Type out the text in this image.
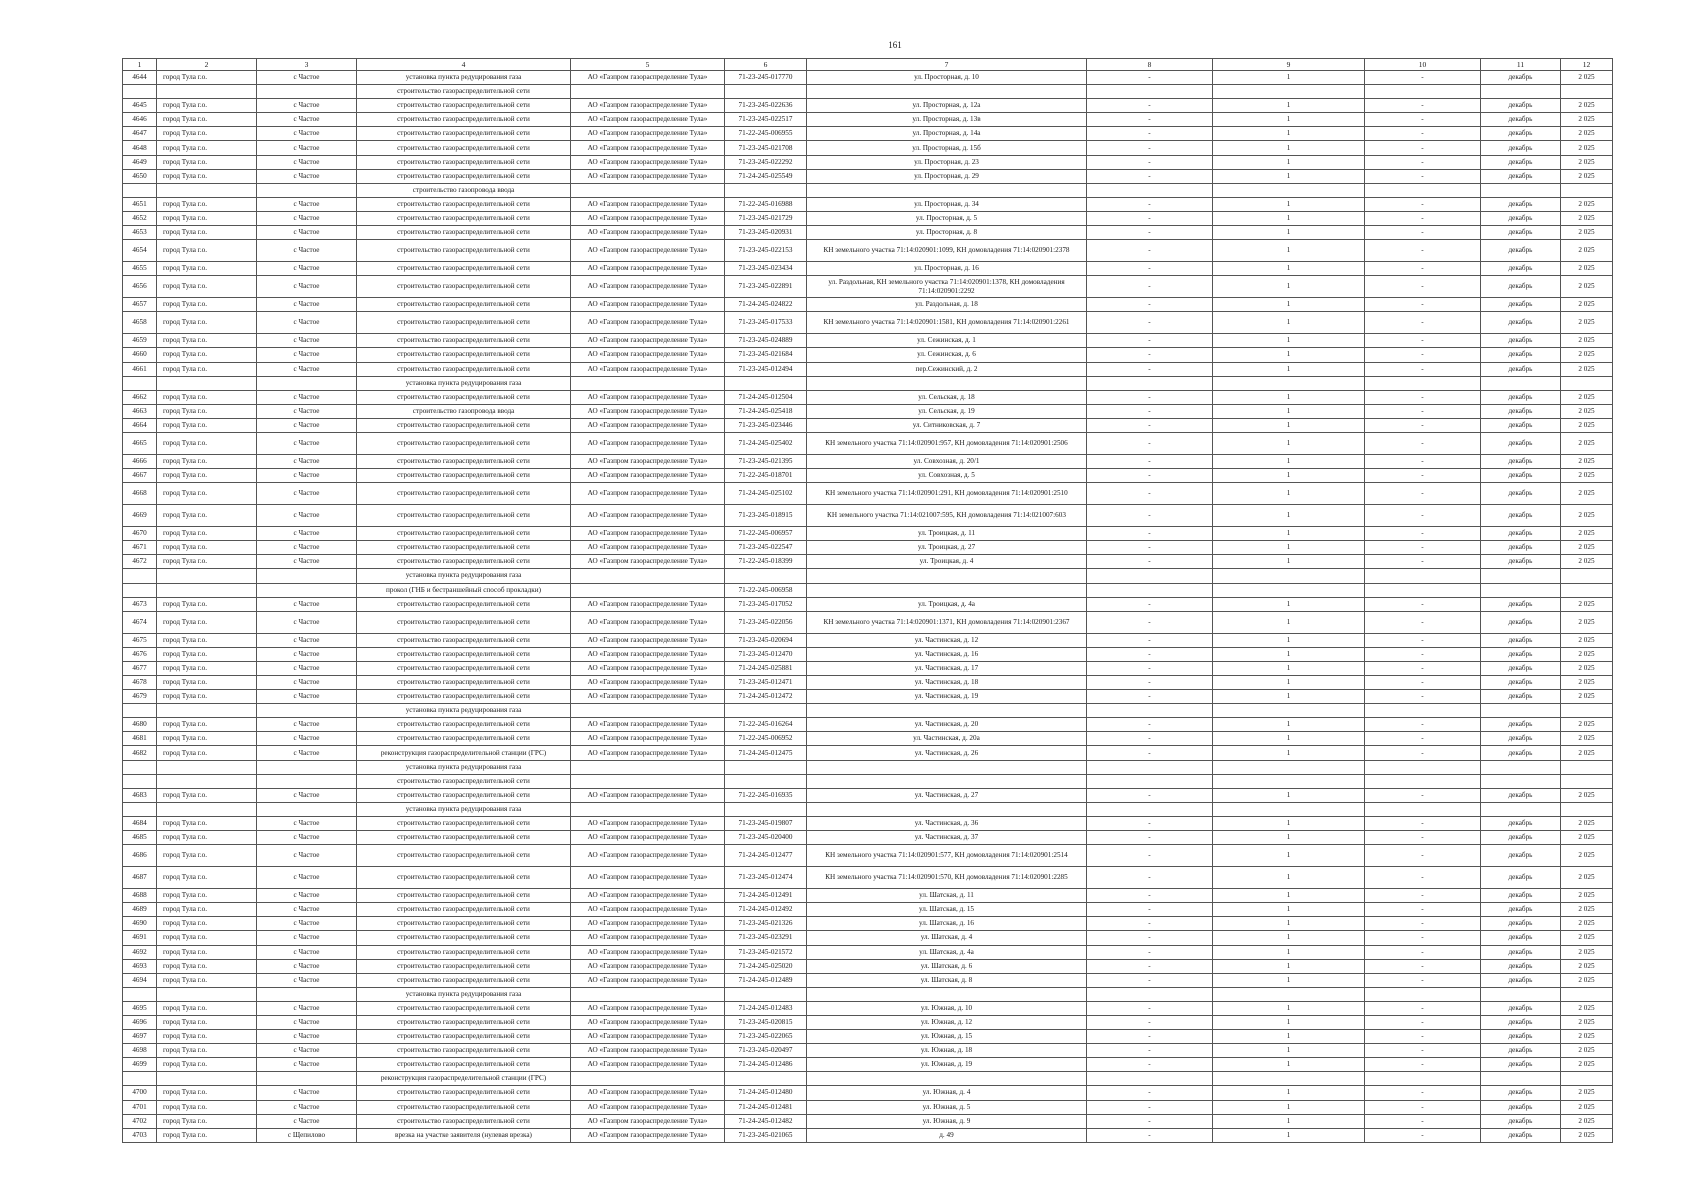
161
1	2	3	4	5	6	7	8	9	10	11	12
4644	город Тула г.о.	с Частое	установка пункта редуцирования газа	АО «Газпром газораспределение Тула»	71-23-245-017770	ул. Просторная, д. 10	-	1	-	декабрь	2 025
			строительство газораспределительной сети								
4645	город Тула г.о.	с Частое	строительство газораспределительной сети	АО «Газпром газораспределение Тула»	71-23-245-022636	ул. Просторная, д. 12а	-	1	-	декабрь	2 025
4646	город Тула г.о.	с Частое	строительство газораспределительной сети	АО «Газпром газораспределение Тула»	71-23-245-022517	ул. Просторная, д. 13в	-	1	-	декабрь	2 025
4647	город Тула г.о.	с Частое	строительство газораспределительной сети	АО «Газпром газораспределение Тула»	71-22-245-006955	ул. Просторная, д. 14а	-	1	-	декабрь	2 025
4648	город Тула г.о.	с Частое	строительство газораспределительной сети	АО «Газпром газораспределение Тула»	71-23-245-021708	ул. Просторная, д. 15б	-	1	-	декабрь	2 025
4649	город Тула г.о.	с Частое	строительство газораспределительной сети	АО «Газпром газораспределение Тула»	71-23-245-022292	ул. Просторная, д. 23	-	1	-	декабрь	2 025
4650	город Тула г.о.	с Частое	строительство газораспределительной сети	АО «Газпром газораспределение Тула»	71-24-245-025549	ул. Просторная, д. 29	-	1	-	декабрь	2 025
			строительство газопровода ввода								
4651	город Тула г.о.	с Частое	строительство газораспределительной сети	АО «Газпром газораспределение Тула»	71-22-245-016988	ул. Просторная, д. 34	-	1	-	декабрь	2 025
4652	город Тула г.о.	с Частое	строительство газораспределительной сети	АО «Газпром газораспределение Тула»	71-23-245-021729	ул. Просторная, д. 5	-	1	-	декабрь	2 025
4653	город Тула г.о.	с Частое	строительство газораспределительной сети	АО «Газпром газораспределение Тула»	71-23-245-020931	ул. Просторная, д. 8	-	1	-	декабрь	2 025
4654	город Тула г.о.	с Частое	строительство газораспределительной сети	АО «Газпром газораспределение Тула»	71-23-245-022153	КН земельного участка 71:14:020901:1099, КН домовладения 71:14:020901:2378	-	1	-	декабрь	2 025
4655	город Тула г.о.	с Частое	строительство газораспределительной сети	АО «Газпром газораспределение Тула»	71-23-245-023434	ул. Просторная, д. 16	-	1	-	декабрь	2 025
4656	город Тула г.о.	с Частое	строительство газораспределительной сети	АО «Газпром газораспределение Тула»	71-23-245-022891	ул. Раздольная, КН земельного участка 71:14:020901:1378, КН домовладения 71:14:020901:2292	-	1	-	декабрь	2 025
4657	город Тула г.о.	с Частое	строительство газораспределительной сети	АО «Газпром газораспределение Тула»	71-24-245-024822	ул. Раздольная, д. 18	-	1	-	декабрь	2 025
4658	город Тула г.о.	с Частое	строительство газораспределительной сети	АО «Газпром газораспределение Тула»	71-23-245-017533	КН земельного участка 71:14:020901:1581, КН домовладения 71:14:020901:2261	-	1	-	декабрь	2 025
4659	город Тула г.о.	с Частое	строительство газораспределительной сети	АО «Газпром газораспределение Тула»	71-23-245-024889	ул. Сежинская, д. 1	-	1	-	декабрь	2 025
4660	город Тула г.о.	с Частое	строительство газораспределительной сети	АО «Газпром газораспределение Тула»	71-23-245-021684	ул. Сежинская, д. 6	-	1	-	декабрь	2 025
4661	город Тула г.о.	с Частое	строительство газораспределительной сети	АО «Газпром газораспределение Тула»	71-23-245-012494	пер.Сежинский, д. 2	-	1	-	декабрь	2 025
			установка пункта редуцирования газа								
4662	город Тула г.о.	с Частое	строительство газораспределительной сети	АО «Газпром газораспределение Тула»	71-24-245-012504	ул. Сельская, д. 18	-	1	-	декабрь	2 025
4663	город Тула г.о.	с Частое	строительство газопровода ввода	АО «Газпром газораспределение Тула»	71-24-245-025418	ул. Сельская, д. 19	-	1	-	декабрь	2 025
4664	город Тула г.о.	с Частое	строительство газораспределительной сети	АО «Газпром газораспределение Тула»	71-23-245-023446	ул. Ситниковская, д. 7	-	1	-	декабрь	2 025
4665	город Тула г.о.	с Частое	строительство газораспределительной сети	АО «Газпром газораспределение Тула»	71-24-245-025402	КН земельного участка 71:14:020901:957, КН домовладения 71:14:020901:2506	-	1	-	декабрь	2 025
4666	город Тула г.о.	с Частое	строительство газораспределительной сети	АО «Газпром газораспределение Тула»	71-23-245-021395	ул. Совхозная, д. 20/1	-	1	-	декабрь	2 025
4667	город Тула г.о.	с Частое	строительство газораспределительной сети	АО «Газпром газораспределение Тула»	71-22-245-018701	ул. Совхозная, д. 5	-	1	-	декабрь	2 025
4668	город Тула г.о.	с Частое	строительство газораспределительной сети	АО «Газпром газораспределение Тула»	71-24-245-025102	КН земельного участка 71:14:020901:291, КН домовладения 71:14:020901:2510	-	1	-	декабрь	2 025
4669	город Тула г.о.	с Частое	строительство газораспределительной сети	АО «Газпром газораспределение Тула»	71-23-245-018915	КН земельного участка 71:14:021007:595, КН домовладения 71:14:021007:603	-	1	-	декабрь	2 025
4670	город Тула г.о.	с Частое	строительство газораспределительной сети	АО «Газпром газораспределение Тула»	71-22-245-006957	ул. Троицкая, д. 11	-	1	-	декабрь	2 025
4671	город Тула г.о.	с Частое	строительство газораспределительной сети	АО «Газпром газораспределение Тула»	71-23-245-022547	ул. Троицкая, д. 27	-	1	-	декабрь	2 025
4672	город Тула г.о.	с Частое	строительство газораспределительной сети	АО «Газпром газораспределение Тула»	71-22-245-018399	ул. Троицкая, д. 4	-	1	-	декабрь	2 025
			установка пункта редуцирования газа								
			прокол (ГНБ и бестраншейный способ прокладки)		71-22-245-006958						
4673	город Тула г.о.	с Частое	строительство газораспределительной сети	АО «Газпром газораспределение Тула»	71-23-245-017052	ул. Троицкая, д. 4а	-	1	-	декабрь	2 025
4674	город Тула г.о.	с Частое	строительство газораспределительной сети	АО «Газпром газораспределение Тула»	71-23-245-022056	КН земельного участка 71:14:020901:1371, КН домовладения 71:14:020901:2367	-	1	-	декабрь	2 025
4675	город Тула г.о.	с Частое	строительство газораспределительной сети	АО «Газпром газораспределение Тула»	71-23-245-020694	ул. Частинская, д. 12	-	1	-	декабрь	2 025
4676	город Тула г.о.	с Частое	строительство газораспределительной сети	АО «Газпром газораспределение Тула»	71-23-245-012470	ул. Частинская, д. 16	-	1	-	декабрь	2 025
4677	город Тула г.о.	с Частое	строительство газораспределительной сети	АО «Газпром газораспределение Тула»	71-24-245-025881	ул. Частинская, д. 17	-	1	-	декабрь	2 025
4678	город Тула г.о.	с Частое	строительство газораспределительной сети	АО «Газпром газораспределение Тула»	71-23-245-012471	ул. Частинская, д. 18	-	1	-	декабрь	2 025
4679	город Тула г.о.	с Частое	строительство газораспределительной сети	АО «Газпром газораспределение Тула»	71-24-245-012472	ул. Частинская, д. 19	-	1	-	декабрь	2 025
			установка пункта редуцирования газа								
4680	город Тула г.о.	с Частое	строительство газораспределительной сети	АО «Газпром газораспределение Тула»	71-22-245-016264	ул. Частинская, д. 20	-	1	-	декабрь	2 025
4681	город Тула г.о.	с Частое	строительство газораспределительной сети	АО «Газпром газораспределение Тула»	71-22-245-006952	ул. Частинская, д. 20а	-	1	-	декабрь	2 025
4682	город Тула г.о.	с Частое	реконструкция газораспределительной станции (ГРС)	АО «Газпром газораспределение Тула»	71-24-245-012475	ул. Частинская, д. 26	-	1	-	декабрь	2 025
			установка пункта редуцирования газа								
			строительство газораспределительной сети								
4683	город Тула г.о.	с Частое	строительство газораспределительной сети	АО «Газпром газораспределение Тула»	71-22-245-016935	ул. Частинская, д. 27	-	1	-	декабрь	2 025
			установка пункта редуцирования газа								
4684	город Тула г.о.	с Частое	строительство газораспределительной сети	АО «Газпром газораспределение Тула»	71-23-245-019807	ул. Частинская, д. 36	-	1	-	декабрь	2 025
4685	город Тула г.о.	с Частое	строительство газораспределительной сети	АО «Газпром газораспределение Тула»	71-23-245-020400	ул. Частинская, д. 37	-	1	-	декабрь	2 025
4686	город Тула г.о.	с Частое	строительство газораспределительной сети	АО «Газпром газораспределение Тула»	71-24-245-012477	КН земельного участка 71:14:020901:577, КН домовладения 71:14:020901:2514	-	1	-	декабрь	2 025
4687	город Тула г.о.	с Частое	строительство газораспределительной сети	АО «Газпром газораспределение Тула»	71-23-245-012474	КН земельного участка 71:14:020901:570, КН домовладения 71:14:020901:2285	-	1	-	декабрь	2 025
4688	город Тула г.о.	с Частое	строительство газораспределительной сети	АО «Газпром газораспределение Тула»	71-24-245-012491	ул. Шатская, д. 11	-	1	-	декабрь	2 025
4689	город Тула г.о.	с Частое	строительство газораспределительной сети	АО «Газпром газораспределение Тула»	71-24-245-012492	ул. Шатская, д. 15	-	1	-	декабрь	2 025
4690	город Тула г.о.	с Частое	строительство газораспределительной сети	АО «Газпром газораспределение Тула»	71-23-245-021326	ул. Шатская, д. 16	-	1	-	декабрь	2 025
4691	город Тула г.о.	с Частое	строительство газораспределительной сети	АО «Газпром газораспределение Тула»	71-23-245-023291	ул. Шатская, д. 4	-	1	-	декабрь	2 025
4692	город Тула г.о.	с Частое	строительство газораспределительной сети	АО «Газпром газораспределение Тула»	71-23-245-021572	ул. Шатская, д. 4а	-	1	-	декабрь	2 025
4693	город Тула г.о.	с Частое	строительство газораспределительной сети	АО «Газпром газораспределение Тула»	71-24-245-025020	ул. Шатская, д. 6	-	1	-	декабрь	2 025
4694	город Тула г.о.	с Частое	строительство газораспределительной сети	АО «Газпром газораспределение Тула»	71-24-245-012489	ул. Шатская, д. 8	-	1	-	декабрь	2 025
			установка пункта редуцирования газа								
4695	город Тула г.о.	с Частое	строительство газораспределительной сети	АО «Газпром газораспределение Тула»	71-24-245-012483	ул. Южная, д. 10	-	1	-	декабрь	2 025
4696	город Тула г.о.	с Частое	строительство газораспределительной сети	АО «Газпром газораспределение Тула»	71-23-245-020815	ул. Южная, д. 12	-	1	-	декабрь	2 025
4697	город Тула г.о.	с Частое	строительство газораспределительной сети	АО «Газпром газораспределение Тула»	71-23-245-022065	ул. Южная, д. 15	-	1	-	декабрь	2 025
4698	город Тула г.о.	с Частое	строительство газораспределительной сети	АО «Газпром газораспределение Тула»	71-23-245-020497	ул. Южная, д. 18	-	1	-	декабрь	2 025
4699	город Тула г.о.	с Частое	строительство газораспределительной сети	АО «Газпром газораспределение Тула»	71-24-245-012486	ул. Южная, д. 19	-	1	-	декабрь	2 025
			реконструкция газораспределительной станции (ГРС)								
4700	город Тула г.о.	с Частое	строительство газораспределительной сети	АО «Газпром газораспределение Тула»	71-24-245-012480	ул. Южная, д. 4	-	1	-	декабрь	2 025
4701	город Тула г.о.	с Частое	строительство газораспределительной сети	АО «Газпром газораспределение Тула»	71-24-245-012481	ул. Южная, д. 5	-	1	-	декабрь	2 025
4702	город Тула г.о.	с Частое	строительство газораспределительной сети	АО «Газпром газораспределение Тула»	71-24-245-012482	ул. Южная, д. 9	-	1	-	декабрь	2 025
4703	город Тула г.о.	с Щепилово	врезка на участке заявителя (нулевая врезка)	АО «Газпром газораспределение Тула»	71-23-245-021065	д. 49	-	1	-	декабрь	2 025
